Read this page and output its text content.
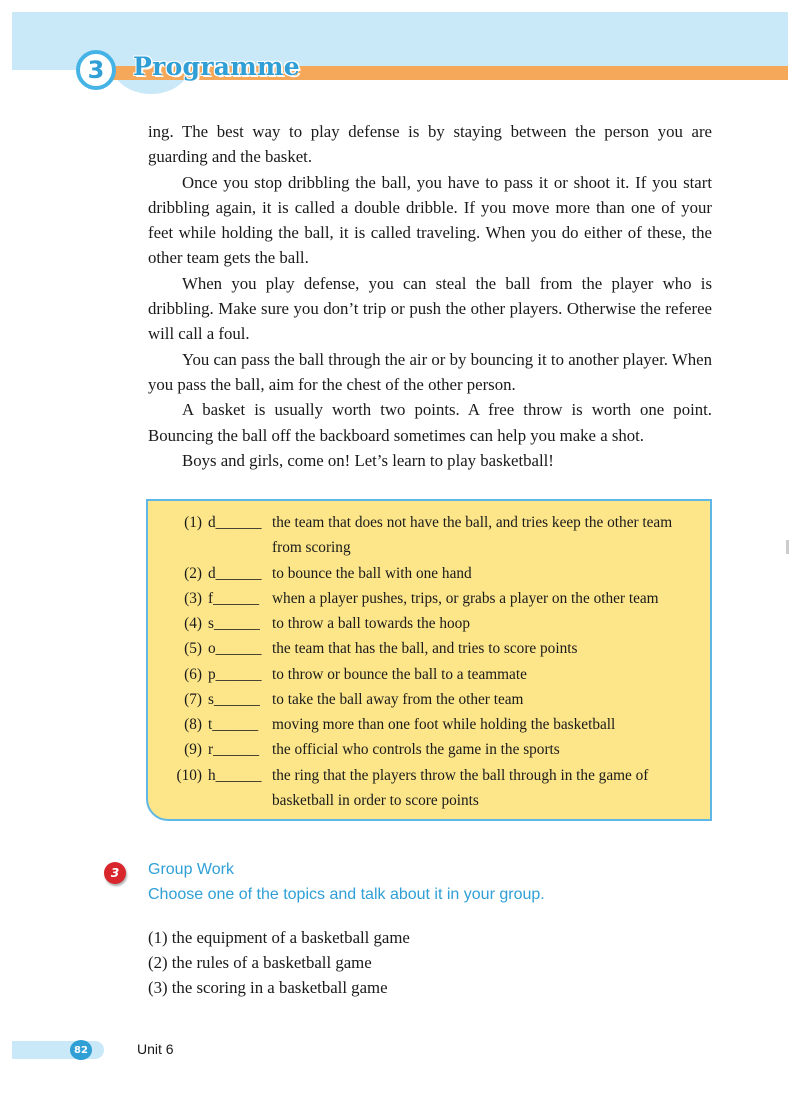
3 Programme

ing. The best way to play defense is by staying between the person you are guarding and the basket.

Once you stop dribbling the ball, you have to pass it or shoot it. If you start dribbling again, it is called a double dribble. If you move more than one of your feet while holding the ball, it is called traveling. When you do either of these, the other team gets the ball.

When you play defense, you can steal the ball from the player who is dribbling. Make sure you don’t trip or push the other players. Otherwise the referee will call a foul.

You can pass the ball through the air or by bouncing it to another player. When you pass the ball, aim for the chest of the other person.

A basket is usually worth two points. A free throw is worth one point. Bouncing the ball off the backboard sometimes can help you make a shot.

Boys and girls, come on! Let’s learn to play basketball!

(1) d______ the team that does not have the ball, and tries keep the other team from scoring
(2) d______ to bounce the ball with one hand
(3) f______ when a player pushes, trips, or grabs a player on the other team
(4) s______ to throw a ball towards the hoop
(5) o______ the team that has the ball, and tries to score points
(6) p______ to throw or bounce the ball to a teammate
(7) s______ to take the ball away from the other team
(8) t______ moving more than one foot while holding the basketball
(9) r______ the official who controls the game in the sports
(10) h______ the ring that the players throw the ball through in the game of basketball in order to score points
3 Group Work
Choose one of the topics and talk about it in your group.
(1) the equipment of a basketball game
(2) the rules of a basketball game
(3) the scoring in a basketball game
82	Unit 6
